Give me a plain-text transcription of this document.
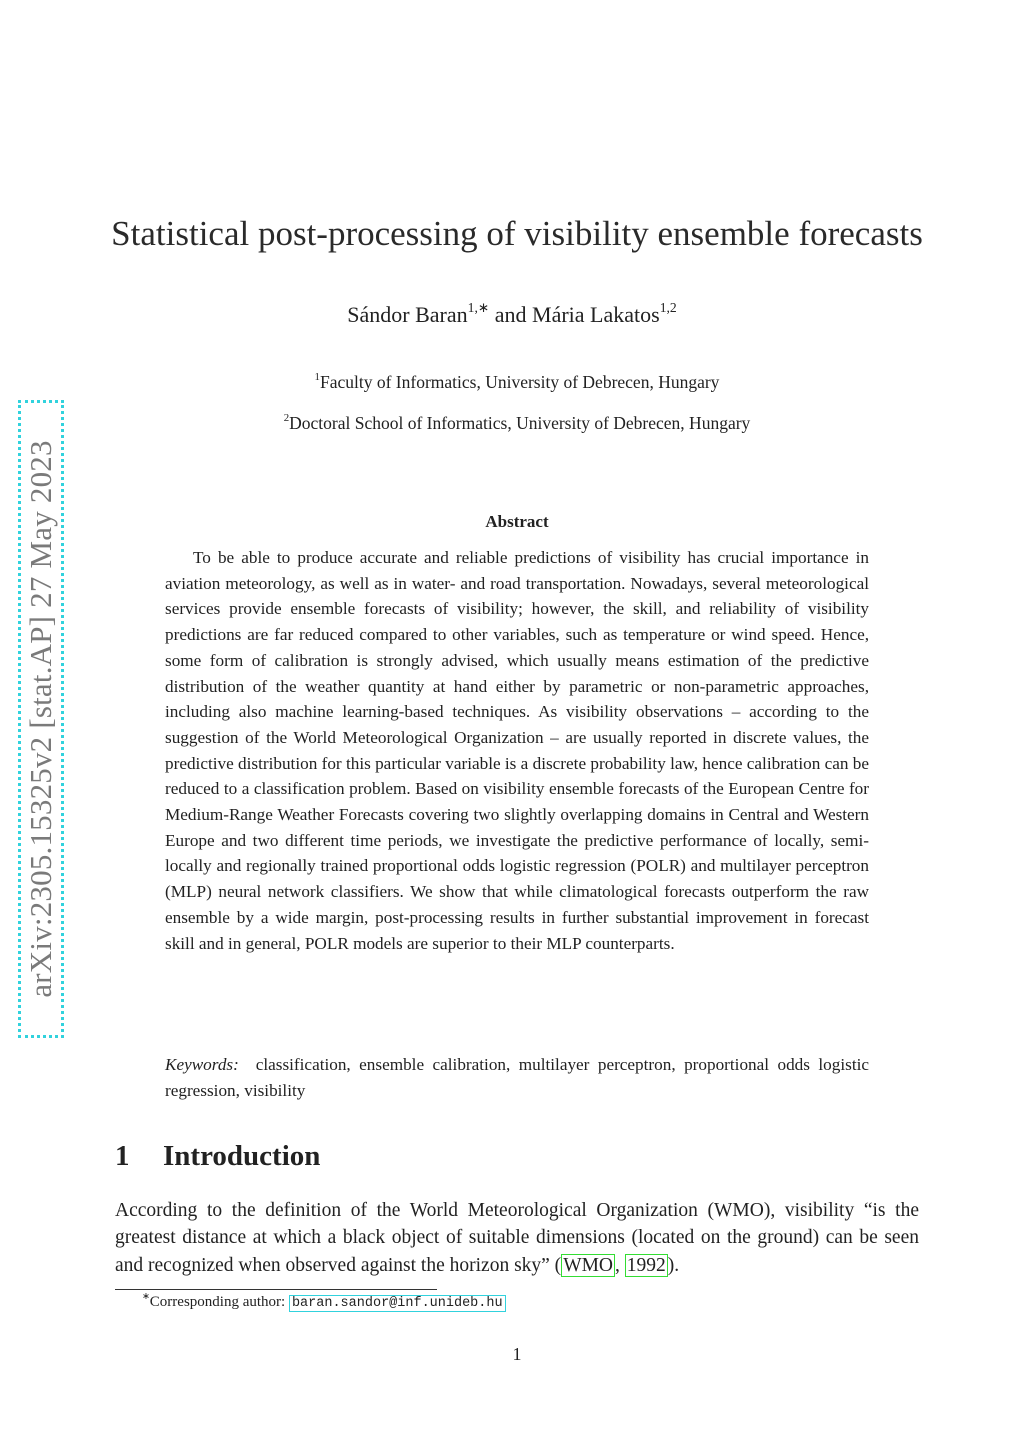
arXiv:2305.15325v2 [stat.AP] 27 May 2023
Statistical post-processing of visibility ensemble forecasts
Sándor Baran$^{1,∗}$ and Mária Lakatos$^{1,2}$
$^1$Faculty of Informatics, University of Debrecen, Hungary
$^2$Doctoral School of Informatics, University of Debrecen, Hungary
Abstract

To be able to produce accurate and reliable predictions of visibility has crucial importance in aviation meteorology, as well as in water- and road transportation. Nowadays, several meteorological services provide ensemble forecasts of visibility; however, the skill, and reliability of visibility predictions are far reduced compared to other variables, such as temperature or wind speed. Hence, some form of calibration is strongly advised, which usually means estimation of the predictive distribution of the weather quantity at hand either by parametric or non-parametric approaches, including also machine learning-based techniques. As visibility observations – according to the suggestion of the World Meteorological Organization – are usually reported in discrete values, the predictive distribution for this particular variable is a discrete probability law, hence calibration can be reduced to a classification problem. Based on visibility ensemble forecasts of the European Centre for Medium-Range Weather Forecasts covering two slightly overlapping domains in Central and Western Europe and two different time periods, we investigate the predictive performance of locally, semi-locally and regionally trained proportional odds logistic regression (POLR) and multilayer perceptron (MLP) neural network classifiers. We show that while climatological forecasts outperform the raw ensemble by a wide margin, post-processing results in further substantial improvement in forecast skill and in general, POLR models are superior to their MLP counterparts.

Keywords: classification, ensemble calibration, multilayer perceptron, proportional odds logistic regression, visibility

1 Introduction

According to the definition of the World Meteorological Organization (WMO), visibility “is the greatest distance at which a black object of suitable dimensions (located on the ground) can be seen and recognized when observed against the horizon sky” ( WMO , 1992 ).

∗Corresponding author: baran.sandor@inf.unideb.hu
1
